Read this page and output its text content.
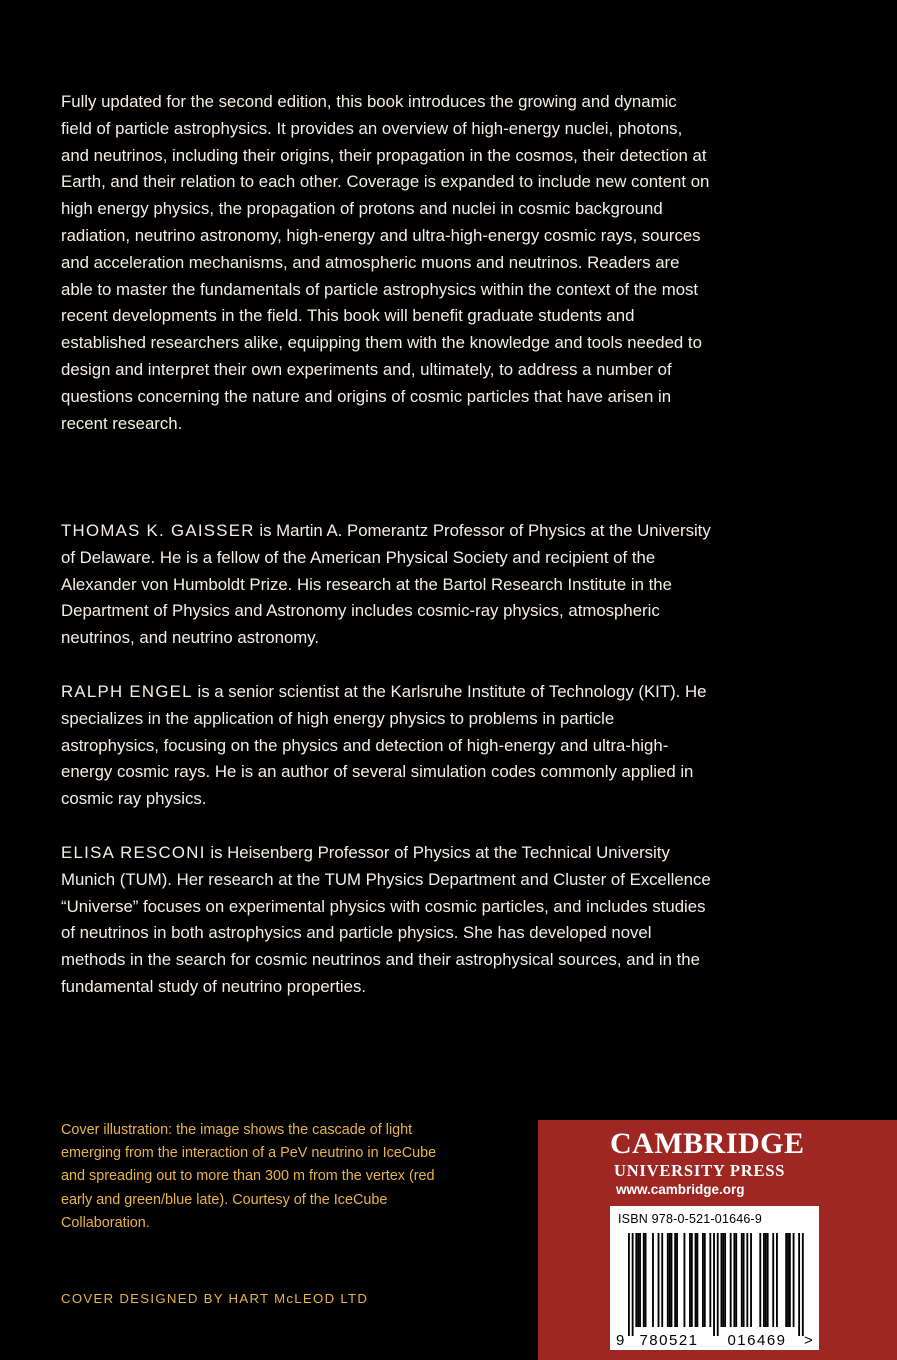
Fully updated for the second edition, this book introduces the growing and dynamic field of particle astrophysics. It provides an overview of high-energy nuclei, photons, and neutrinos, including their origins, their propagation in the cosmos, their detection at Earth, and their relation to each other. Coverage is expanded to include new content on high energy physics, the propagation of protons and nuclei in cosmic background radiation, neutrino astronomy, high-energy and ultra-high-energy cosmic rays, sources and acceleration mechanisms, and atmospheric muons and neutrinos. Readers are able to master the fundamentals of particle astrophysics within the context of the most recent developments in the field. This book will benefit graduate students and established researchers alike, equipping them with the knowledge and tools needed to design and interpret their own experiments and, ultimately, to address a number of questions concerning the nature and origins of cosmic particles that have arisen in recent research.

THOMAS K. GAISSER is Martin A. Pomerantz Professor of Physics at the University of Delaware. He is a fellow of the American Physical Society and recipient of the Alexander von Humboldt Prize. His research at the Bartol Research Institute in the Department of Physics and Astronomy includes cosmic-ray physics, atmospheric neutrinos, and neutrino astronomy.

RALPH ENGEL is a senior scientist at the Karlsruhe Institute of Technology (KIT). He specializes in the application of high energy physics to problems in particle astrophysics, focusing on the physics and detection of high-energy and ultra-high-energy cosmic rays. He is an author of several simulation codes commonly applied in cosmic ray physics.

ELISA RESCONI is Heisenberg Professor of Physics at the Technical University Munich (TUM). Her research at the TUM Physics Department and Cluster of Excellence “Universe” focuses on experimental physics with cosmic particles, and includes studies of neutrinos in both astrophysics and particle physics. She has developed novel methods in the search for cosmic neutrinos and their astrophysical sources, and in the fundamental study of neutrino properties.

Cover illustration: the image shows the cascade of light emerging from the interaction of a PeV neutrino in IceCube and spreading out to more than 300 m from the vertex (red early and green/blue late). Courtesy of the IceCube Collaboration.

COVER DESIGNED BY HART McLEOD LTD

CAMBRIDGE
UNIVERSITY PRESS
www.cambridge.org
ISBN 978-0-521-01646-9
9 780521 016469 >
